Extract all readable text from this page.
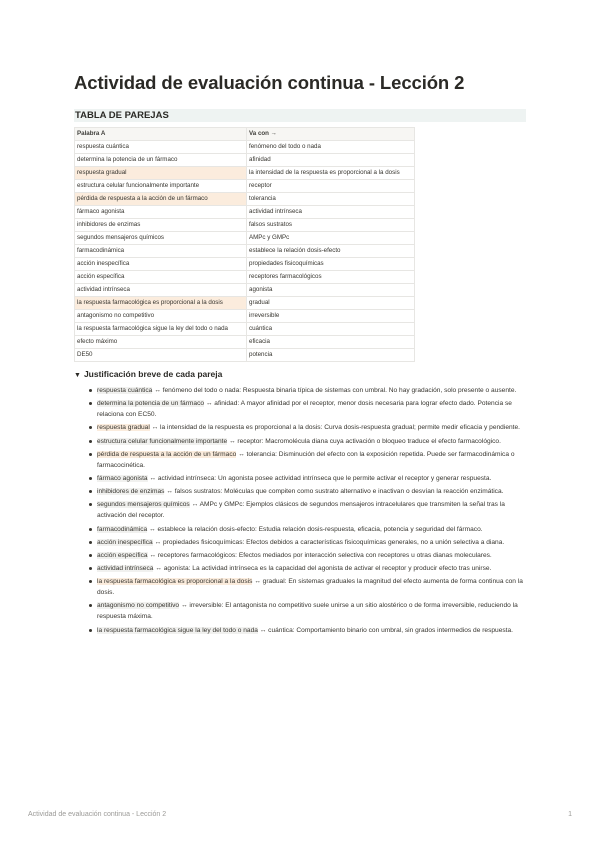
Actividad de evaluación continua - Lección 2
TABLA DE PAREJAS
Palabra A	Va con →
respuesta cuántica	fenómeno del todo o nada
determina la potencia de un fármaco	afinidad
respuesta gradual	la intensidad de la respuesta es proporcional a la dosis
estructura celular funcionalmente importante	receptor
pérdida de respuesta a la acción de un fármaco	tolerancia
fármaco agonista	actividad intrínseca
inhibidores de enzimas	falsos sustratos
segundos mensajeros químicos	AMPc y GMPc
farmacodinámica	establece la relación dosis-efecto
acción inespecífica	propiedades fisicoquímicas
acción específica	receptores farmacológicos
actividad intrínseca	agonista
la respuesta farmacológica es proporcional a la dosis	gradual
antagonismo no competitivo	irreversible
la respuesta farmacológica sigue la ley del todo o nada	cuántica
efecto máximo	eficacia
DE50	potencia
▼ Justificación breve de cada pareja
respuesta cuántica ↔ fenómeno del todo o nada: Respuesta binaria típica de sistemas con umbral. No hay gradación, solo presente o ausente.
determina la potencia de un fármaco ↔ afinidad: A mayor afinidad por el receptor, menor dosis necesaria para lograr efecto dado. Potencia se relaciona con EC50.
respuesta gradual ↔ la intensidad de la respuesta es proporcional a la dosis: Curva dosis-respuesta gradual; permite medir eficacia y pendiente.
estructura celular funcionalmente importante ↔ receptor: Macromolécula diana cuya activación o bloqueo traduce el efecto farmacológico.
pérdida de respuesta a la acción de un fármaco ↔ tolerancia: Disminución del efecto con la exposición repetida. Puede ser farmacodinámica o farmacocinética.
fármaco agonista ↔ actividad intrínseca: Un agonista posee actividad intrínseca que le permite activar el receptor y generar respuesta.
inhibidores de enzimas ↔ falsos sustratos: Moléculas que compiten como sustrato alternativo e inactivan o desvían la reacción enzimática.
segundos mensajeros químicos ↔ AMPc y GMPc: Ejemplos clásicos de segundos mensajeros intracelulares que transmiten la señal tras la activación del receptor.
farmacodinámica ↔ establece la relación dosis-efecto: Estudia relación dosis-respuesta, eficacia, potencia y seguridad del fármaco.
acción inespecífica ↔ propiedades fisicoquímicas: Efectos debidos a características fisicoquímicas generales, no a unión selectiva a diana.
acción específica ↔ receptores farmacológicos: Efectos mediados por interacción selectiva con receptores u otras dianas moleculares.
actividad intrínseca ↔ agonista: La actividad intrínseca es la capacidad del agonista de activar el receptor y producir efecto tras unirse.
la respuesta farmacológica es proporcional a la dosis ↔ gradual: En sistemas graduales la magnitud del efecto aumenta de forma continua con la dosis.
antagonismo no competitivo ↔ irreversible: El antagonista no competitivo suele unirse a un sitio alostérico o de forma irreversible, reduciendo la respuesta máxima.
la respuesta farmacológica sigue la ley del todo o nada ↔ cuántica: Comportamiento binario con umbral, sin grados intermedios de respuesta.
Actividad de evaluación continua - Lección 2	1
